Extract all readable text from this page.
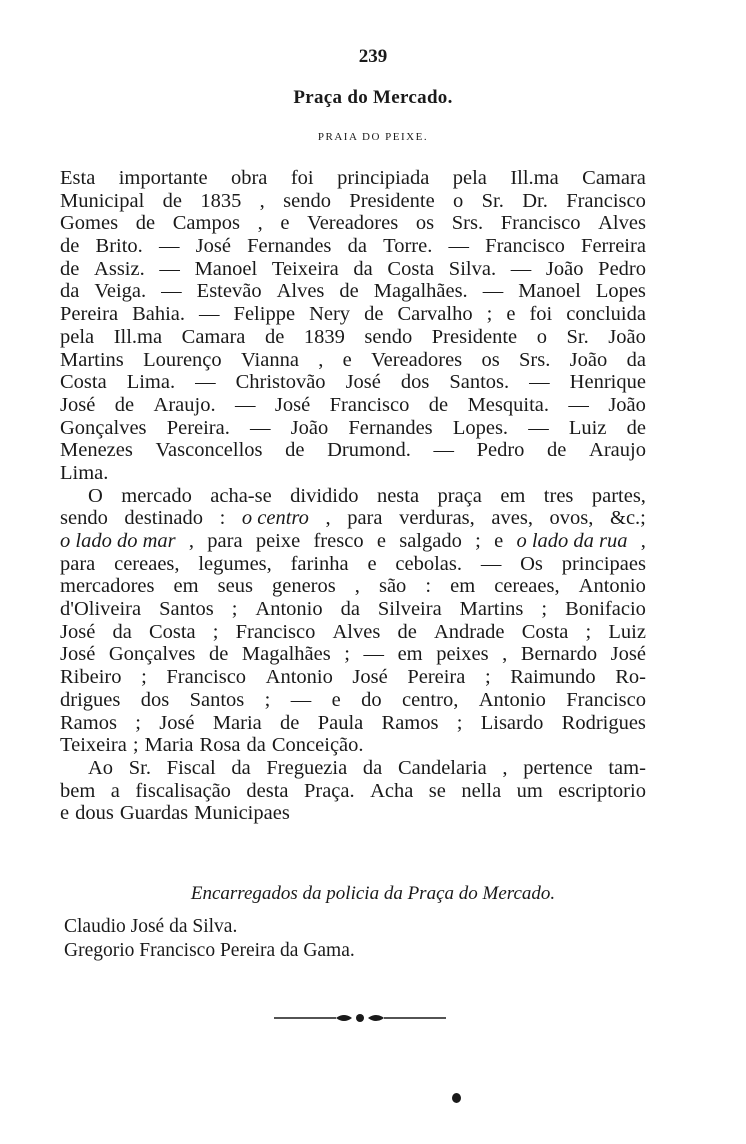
239
Praça do Mercado.
PRAIA DO PEIXE.
Esta importante obra foi principiada pela Ill.ma Camara
Municipal de 1835 , sendo Presidente o Sr. Dr. Francisco
Gomes de Campos , e Vereadores os Srs. Francisco Alves
de Brito. — José Fernandes da Torre. — Francisco Ferreira
de Assiz. — Manoel Teixeira da Costa Silva. — João Pedro
da Veiga. — Estevão Alves de Magalhães. — Manoel Lopes
Pereira Bahia. — Felippe Nery de Carvalho ; e foi concluida
pela Ill.ma Camara de 1839 sendo Presidente o Sr. João
Martins Lourenço Vianna , e Vereadores os Srs. João da
Costa Lima. — Christovão José dos Santos. — Henrique
José de Araujo. — José Francisco de Mesquita. — João
Gonçalves Pereira. — João Fernandes Lopes. — Luiz de
Menezes Vasconcellos de Drumond. — Pedro de Araujo
Lima.
O mercado acha-se dividido nesta praça em tres partes,
sendo destinado : o centro , para verduras, aves, ovos, &c.;
o lado do mar , para peixe fresco e salgado ; e o lado da rua ,
para cereaes, legumes, farinha e cebolas. — Os principaes
mercadores em seus generos , são : em cereaes, Antonio
d'Oliveira Santos ; Antonio da Silveira Martins ; Bonifacio
José da Costa ; Francisco Alves de Andrade Costa ; Luiz
José Gonçalves de Magalhães ; — em peixes , Bernardo José
Ribeiro ; Francisco Antonio José Pereira ; Raimundo Ro-
drigues dos Santos ; — e do centro, Antonio Francisco
Ramos ; José Maria de Paula Ramos ; Lisardo Rodrigues
Teixeira ; Maria Rosa da Conceição.
Ao Sr. Fiscal da Freguezia da Candelaria , pertence tam-
bem a fiscalisação desta Praça. Acha se nella um escriptorio
e dous Guardas Municipaes
Encarregados da policia da Praça do Mercado.
Claudio José da Silva.
Gregorio Francisco Pereira da Gama.
